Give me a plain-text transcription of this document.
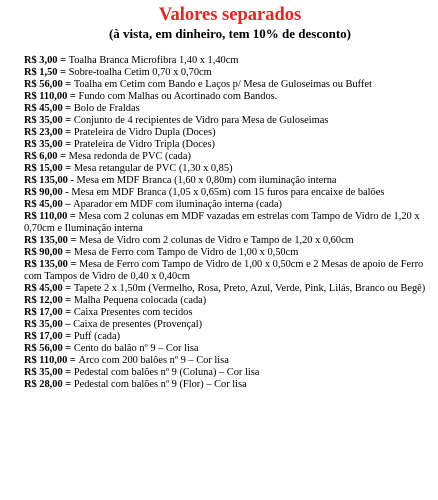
Valores separados
(à vista, em dinheiro, tem 10% de desconto)
R$ 3,00 = Toalha Branca Microfibra 1,40 x 1,40cm
R$ 1,50 = Sobre-toalha Cetim 0,70 x 0,70cm
R$ 56,00 = Toalha em Cetim com Bando e Laços p/ Mesa de Guloseimas ou Buffet
R$ 110,00 = Fundo com Malhas ou Acortinado com Bandos.
R$ 45,00 = Bolo de Fraldas
R$ 35,00 = Conjunto de 4 recipientes de Vidro para Mesa de Guloseimas
R$ 23,00 = Prateleira de Vidro Dupla (Doces)
R$ 35,00 = Prateleira de Vidro Tripla (Doces)
R$ 6,00 = Mesa redonda de PVC (cada)
R$ 15,00 = Mesa retangular de PVC (1,30 x 0,85)
R$ 135,00 - Mesa em MDF Branca (1,60 x 0,80m) com iluminação interna
R$ 90,00 - Mesa em MDF Branca (1,05 x 0,65m) com 15 furos para encaixe de balões
R$ 45,00 – Aparador em MDF com iluminação interna (cada)
R$ 110,00 = Mesa com 2 colunas em MDF vazadas em estrelas com Tampo de Vidro de 1,20 x 0,70cm e Iluminação interna
R$ 135,00 = Mesa de Vidro com 2 colunas de Vidro e Tampo de 1,20 x 0,60cm
R$ 90,00 = Mesa de Ferro com Tampo de Vidro de 1,00 x 0,50cm
R$ 135,00 = Mesa de Ferro com Tampo de Vidro de 1,00 x 0,50cm e 2 Mesas de apoio de Ferro com Tampos de Vidro de 0,40 x 0,40cm
R$ 45,00 = Tapete 2 x 1,50m (Vermelho, Rosa, Preto, Azul, Verde, Pink, Lilás, Branco ou Begê)
R$ 12,00 = Malha Pequena colocada (cada)
R$ 17,00 = Caixa Presentes com tecidos
R$ 35,00 – Caixa de presentes (Provençal)
R$ 17,00 = Puff (cada)
R$ 56,00 = Cento do balão nº 9 – Cor lisa
R$ 110,00 = Arco com 200 balões nº 9 – Cor lisa
R$ 35,00 = Pedestal com balões nº 9 (Coluna) – Cor lisa
R$ 28,00 = Pedestal com balões nº 9 (Flor) – Cor lisa
